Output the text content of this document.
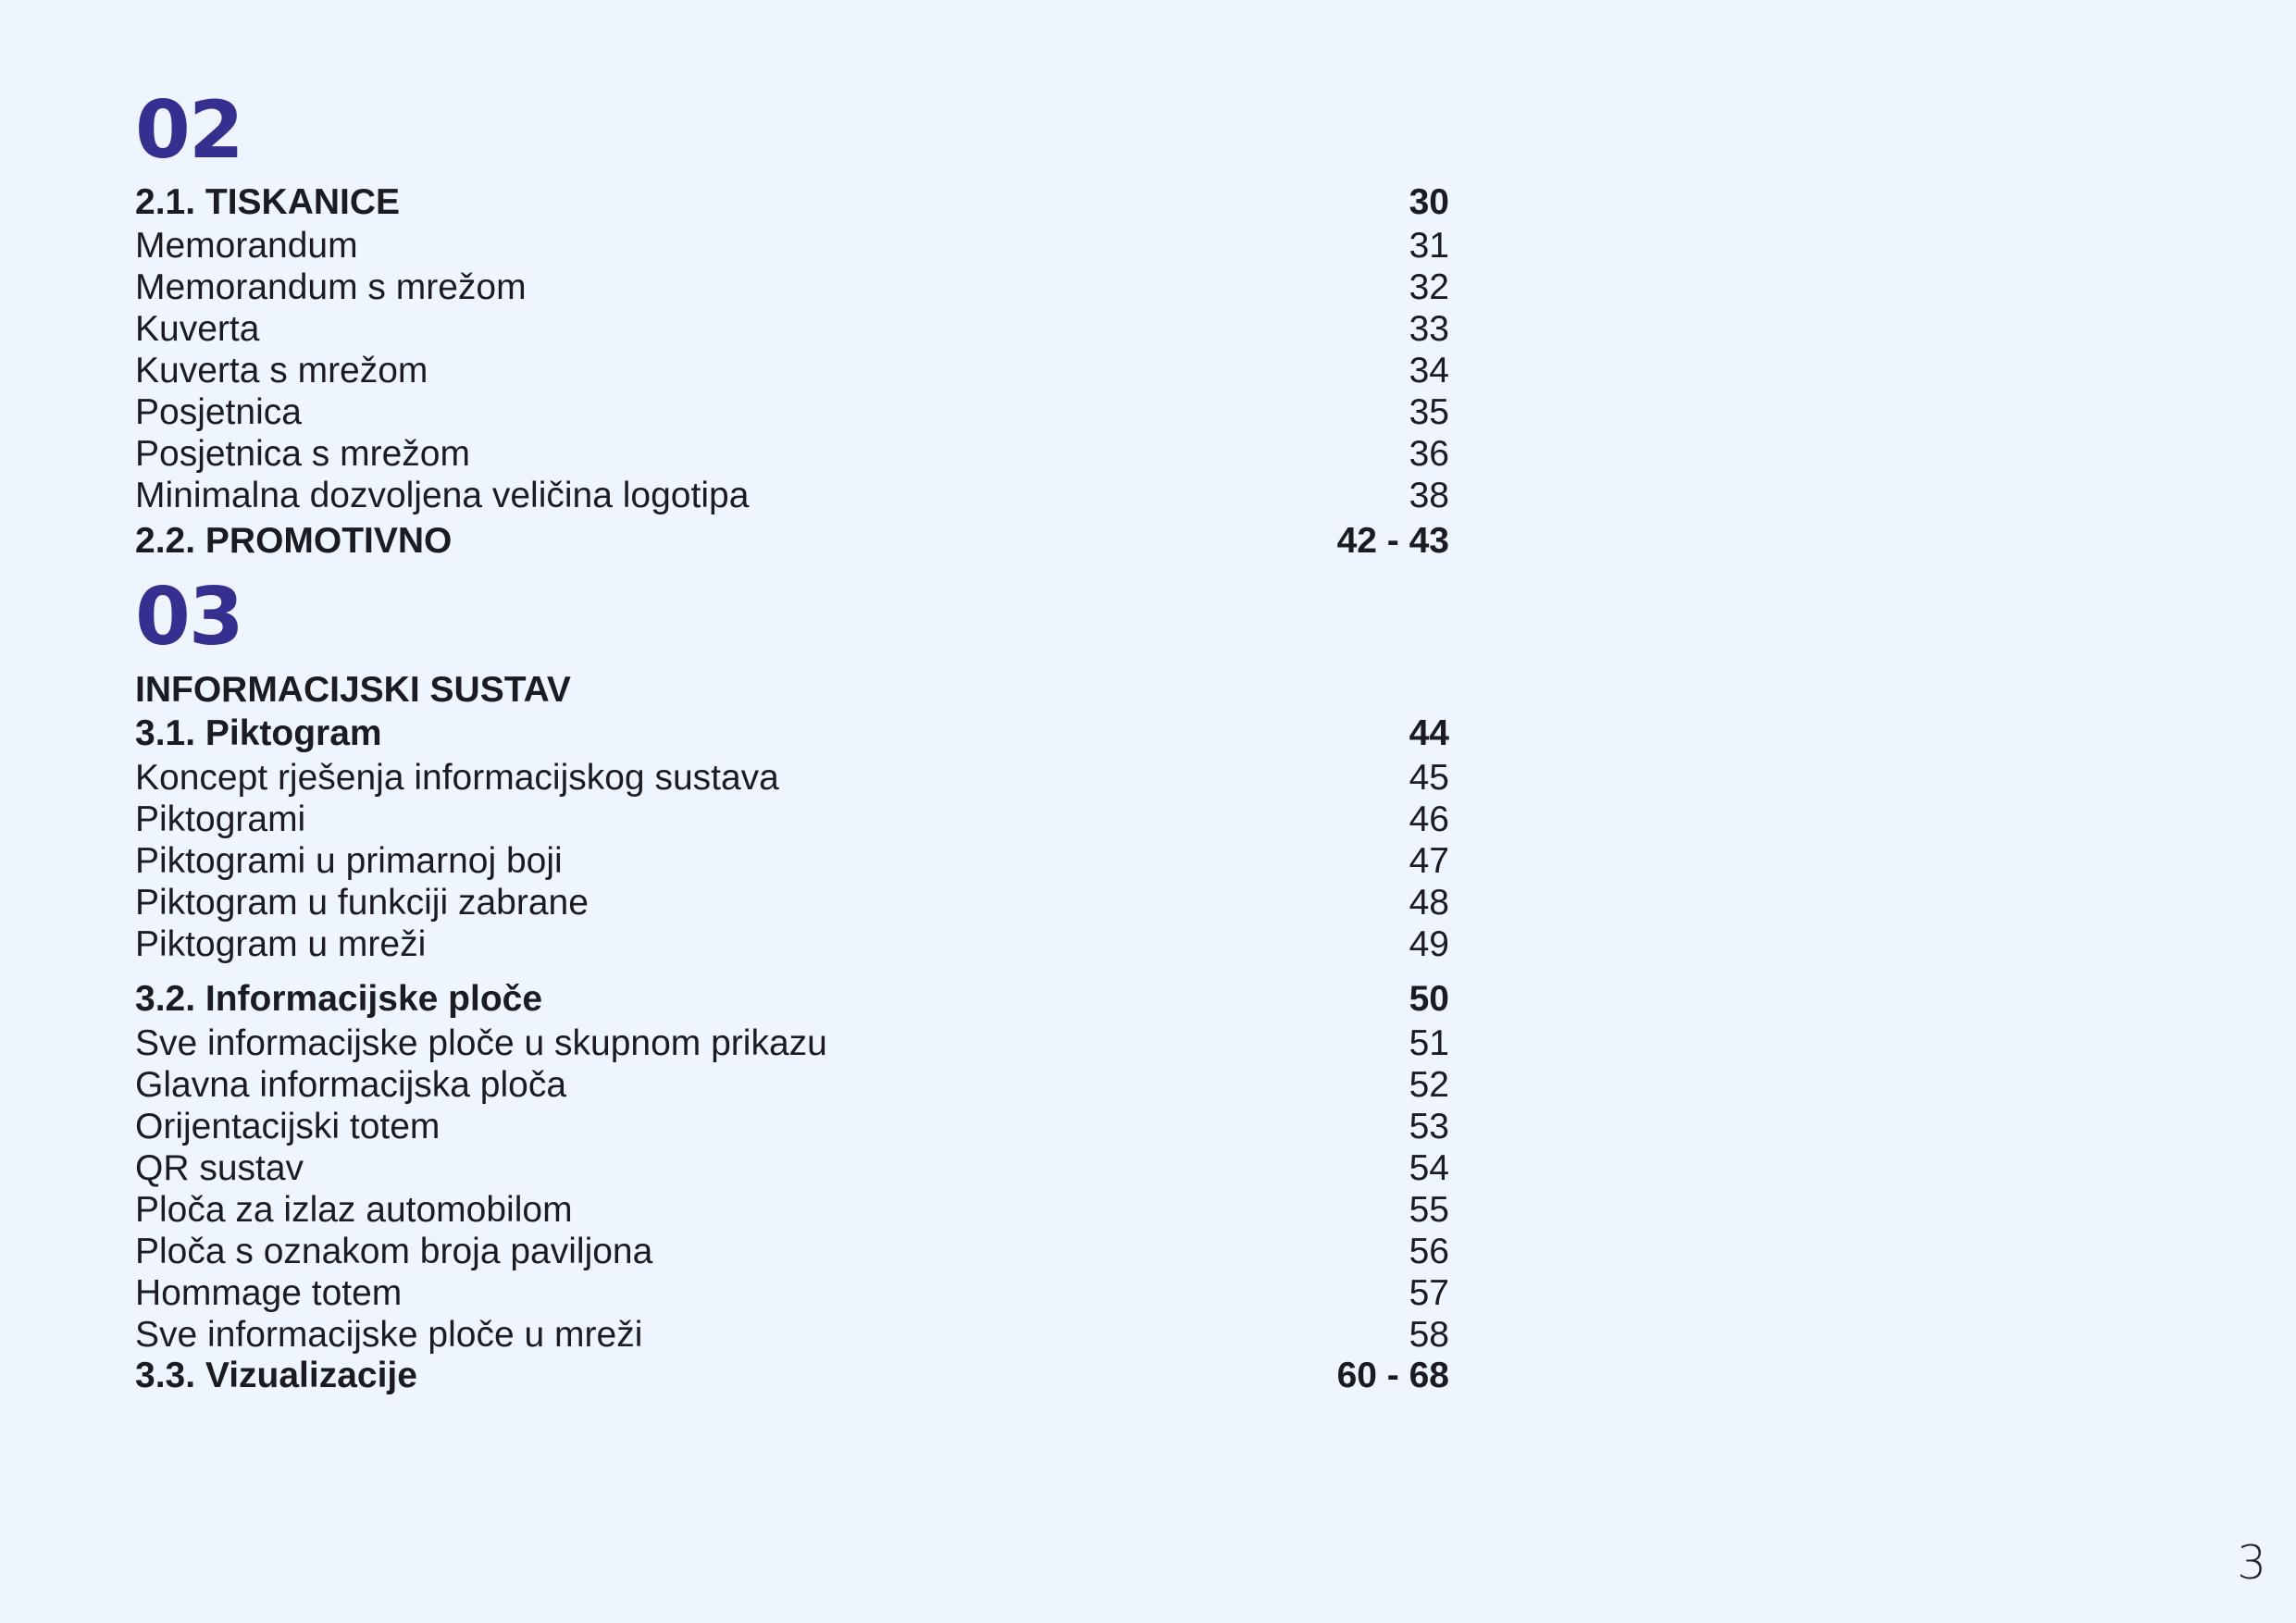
02
2.1. TISKANICE	30
Memorandum	31
Memorandum s mrežom	32
Kuverta	33
Kuverta s mrežom	34
Posjetnica	35
Posjetnica s mrežom	36
Minimalna dozvoljena veličina logotipa	38
2.2. PROMOTIVNO	42 - 43
03
INFORMACIJSKI SUSTAV
3.1. Piktogram	44
Koncept rješenja informacijskog sustava	45
Piktogrami	46
Piktogrami u primarnoj boji	47
Piktogram u funkciji zabrane	48
Piktogram u mreži	49
3.2. Informacijske ploče	50
Sve informacijske ploče u skupnom prikazu	51
Glavna informacijska ploča	52
Orijentacijski totem	53
QR sustav	54
Ploča za izlaz automobilom	55
Ploča s oznakom broja paviljona	56
Hommage totem	57
Sve informacijske ploče u mreži	58
3.3. Vizualizacije	60 - 68
3
